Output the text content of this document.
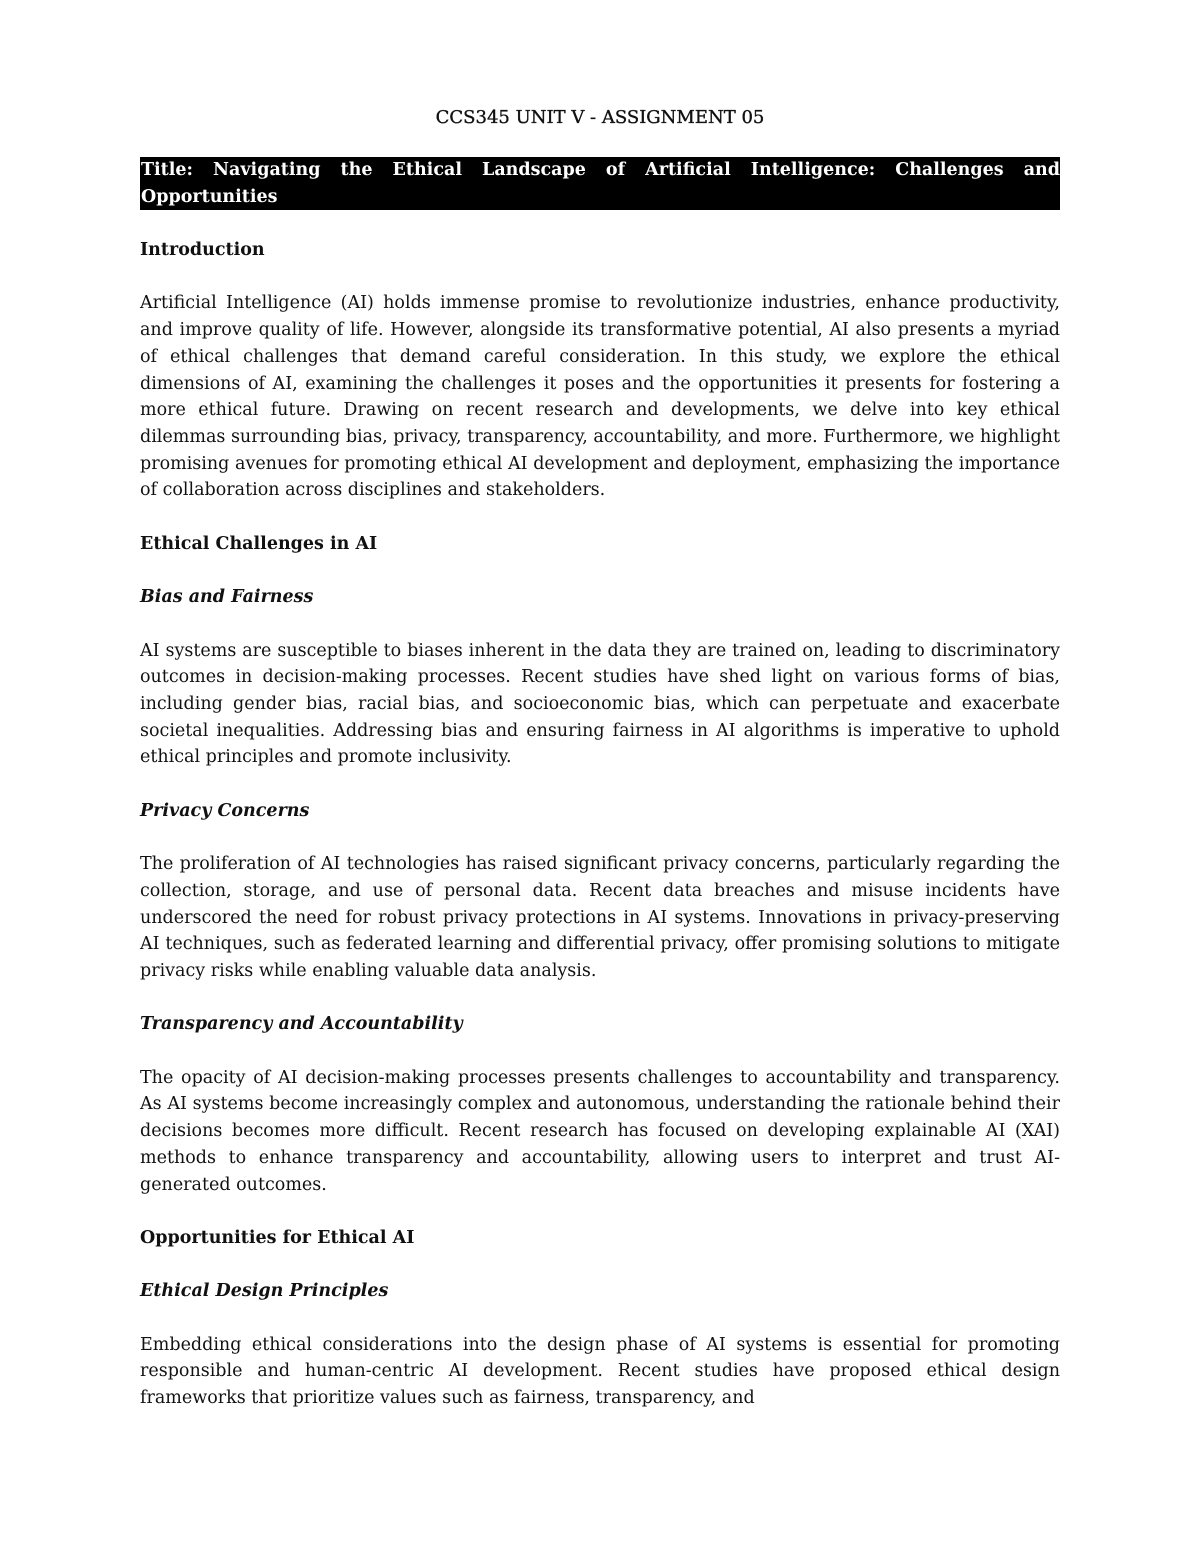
CCS345 UNIT V - ASSIGNMENT 05
Title: Navigating the Ethical Landscape of Artificial Intelligence: Challenges and Opportunities
Introduction

Artificial Intelligence (AI) holds immense promise to revolutionize industries, enhance productivity, and improve quality of life. However, alongside its transformative potential, AI also presents a myriad of ethical challenges that demand careful consideration. In this study, we explore the ethical dimensions of AI, examining the challenges it poses and the opportunities it presents for fostering a more ethical future. Drawing on recent research and developments, we delve into key ethical dilemmas surrounding bias, privacy, transparency, accountability, and more. Furthermore, we highlight promising avenues for promoting ethical AI development and deployment, emphasizing the importance of collaboration across disciplines and stakeholders.

Ethical Challenges in AI
Bias and Fairness

AI systems are susceptible to biases inherent in the data they are trained on, leading to discriminatory outcomes in decision-making processes. Recent studies have shed light on various forms of bias, including gender bias, racial bias, and socioeconomic bias, which can perpetuate and exacerbate societal inequalities. Addressing bias and ensuring fairness in AI algorithms is imperative to uphold ethical principles and promote inclusivity.

Privacy Concerns

The proliferation of AI technologies has raised significant privacy concerns, particularly regarding the collection, storage, and use of personal data. Recent data breaches and misuse incidents have underscored the need for robust privacy protections in AI systems. Innovations in privacy-preserving AI techniques, such as federated learning and differential privacy, offer promising solutions to mitigate privacy risks while enabling valuable data analysis.

Transparency and Accountability

The opacity of AI decision-making processes presents challenges to accountability and transparency. As AI systems become increasingly complex and autonomous, understanding the rationale behind their decisions becomes more difficult. Recent research has focused on developing explainable AI (XAI) methods to enhance transparency and accountability, allowing users to interpret and trust AI-generated outcomes.

Opportunities for Ethical AI
Ethical Design Principles

Embedding ethical considerations into the design phase of AI systems is essential for promoting responsible and human-centric AI development. Recent studies have proposed ethical design frameworks that prioritize values such as fairness, transparency, and
